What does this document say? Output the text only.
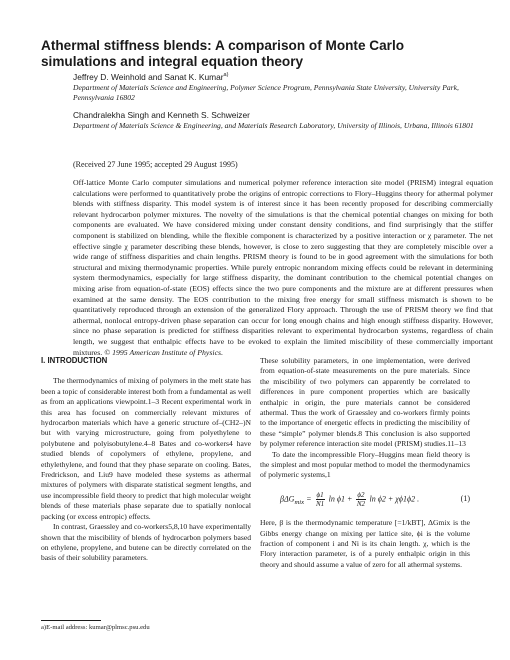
Athermal stiffness blends: A comparison of Monte Carlo simulations and integral equation theory
Jeffrey D. Weinhold and Sanat K. Kumar$^{a)}$
Department of Materials Science and Engineering, Polymer Science Program, Pennsylvania State University, University Park, Pennsylvania 16802
Chandralekha Singh and Kenneth S. Schweizer
Department of Materials Science & Engineering, and Materials Research Laboratory, University of Illinois, Urbana, Illinois 61801
(Received 27 June 1995; accepted 29 August 1995)

Off-lattice Monte Carlo computer simulations and numerical polymer reference interaction site model (PRISM) integral equation calculations were performed to quantitatively probe the origins of entropic corrections to Flory–Huggins theory for athermal polymer blends with stiffness disparity. This model system is of interest since it has been recently proposed for describing commercially relevant hydrocarbon polymer mixtures. The novelty of the simulations is that the chemical potential changes on mixing for both components are evaluated. We have considered mixing under constant density conditions, and find surprisingly that the stiffer component is stabilized on blending, while the flexible component is characterized by a positive interaction or χ parameter. The net effective single χ parameter describing these blends, however, is close to zero suggesting that they are completely miscible over a wide range of stiffness disparities and chain lengths. PRISM theory is found to be in good agreement with the simulations for both structural and mixing thermodynamic properties. While purely entropic nonrandom mixing effects could be relevant in determining system thermodynamics, especially for large stiffness disparity, the dominant contribution to the chemical potential changes on mixing arise from equation-of-state (EOS) effects since the two pure components and the mixture are at different pressures when examined at the same density. The EOS contribution to the mixing free energy for small stiffness mismatch is shown to be quantitatively reproduced through an extension of the generalized Flory approach. Through the use of PRISM theory we find that athermal, nonlocal entropy-driven phase separation can occur for long enough chains and high enough stiffness disparity. However, since no phase separation is predicted for stiffness disparities relevant to experimental hydrocarbon systems, regardless of chain length, we suggest that enthalpic effects have to be evoked to explain the limited miscibility of these commercially important mixtures. © 1995 American Institute of Physics.

I. INTRODUCTION

The thermodynamics of mixing of polymers in the melt state has been a topic of considerable interest both from a fundamental as well as from an applications viewpoint.1–3 Recent experimental work in this area has focused on commercially relevant mixtures of hydrocarbon materials which have a generic structure of–(CH2–)N but with varying microstructure, going from polyethylene to polybutene and polyisobutylene.4–8 Bates and co-workers4 have studied blends of copolymers of ethylene, propylene, and ethylethylene, and found that they phase separate on cooling. Bates, Fredrickson, and Liu9 have modeled these systems as athermal mixtures of polymers with disparate statistical segment lengths, and use incompressible field theory to predict that high molecular weight blends of these materials phase separate due to spatially nonlocal packing (or excess entropic) effects.

In contrast, Graessley and co-workers5,8,10 have experimentally shown that the miscibility of blends of hydrocarbon polymers based on ethylene, propylene, and butene can be directly correlated on the basis of their solubility parameters.

These solubility parameters, in one implementation, were derived from equation-of-state measurements on the pure materials. Since the miscibility of two polymers can apparently be correlated to differences in pure component properties which are basically enthalpic in origin, the pure materials cannot be considered athermal. Thus the work of Graessley and co-workers firmly points to the importance of energetic effects in predicting the miscibility of these “simple” polymer blends.8 This conclusion is also supported by polymer reference interaction site model (PRISM) studies.11–13

To date the incompressible Flory–Huggins mean field theory is the simplest and most popular method to model the thermodynamics of polymeric systems,1

$\beta\Delta G_{mix} = \frac{\phi 1}{N1}$ $\ln \phi 1 + \frac{\phi 2}{N2}$ ln ϕ2 + χϕ1ϕ2 .	(1)

Here, β is the thermodynamic temperature [=1/kBT], ΔGmix is the Gibbs energy change on mixing per lattice site, ϕi is the volume fraction of component i and Ni is its chain length. χ, which is the Flory interaction parameter, is of a purely enthalpic origin in this theory and should assume a value of zero for all athermal systems.

a)E-mail address: kumar@plmsc.psu.edu
